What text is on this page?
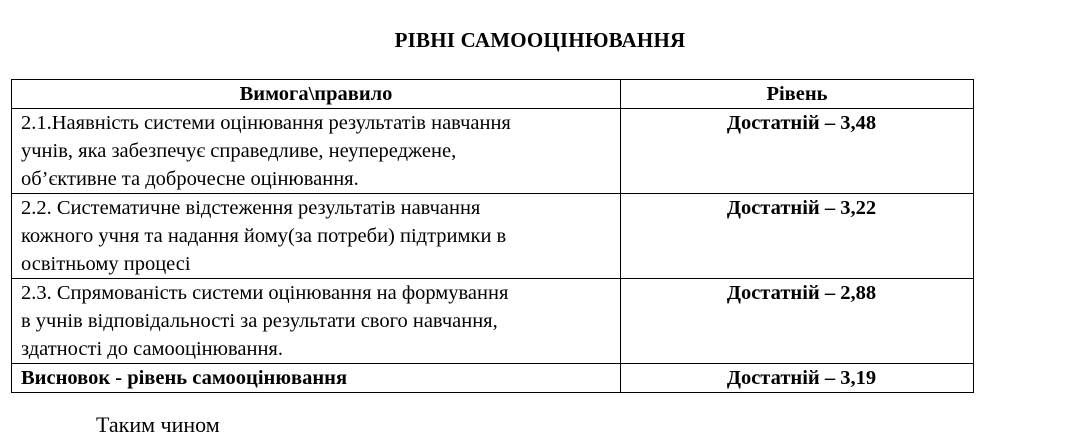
РІВНІ САМООЦІНЮВАННЯ
Вимога\правило	Рівень

2.1.Наявність системи оцінювання результатів навчання
учнів, яка забезпечує справедливе, неупереджене,
об’єктивне та доброчесне оцінювання.	Достатній – 3,48

2.2. Систематичне відстеження результатів навчання
кожного учня та надання йому(за потреби) підтримки в
освітньому процесі	Достатній – 3,22

2.3. Спрямованість системи оцінювання на формування
в учнів відповідальності за результати свого навчання,
здатності до самооцінювання.	Достатній – 2,88
Висновок - рівень самооцінювання	Достатній – 3,19
Таким чином
